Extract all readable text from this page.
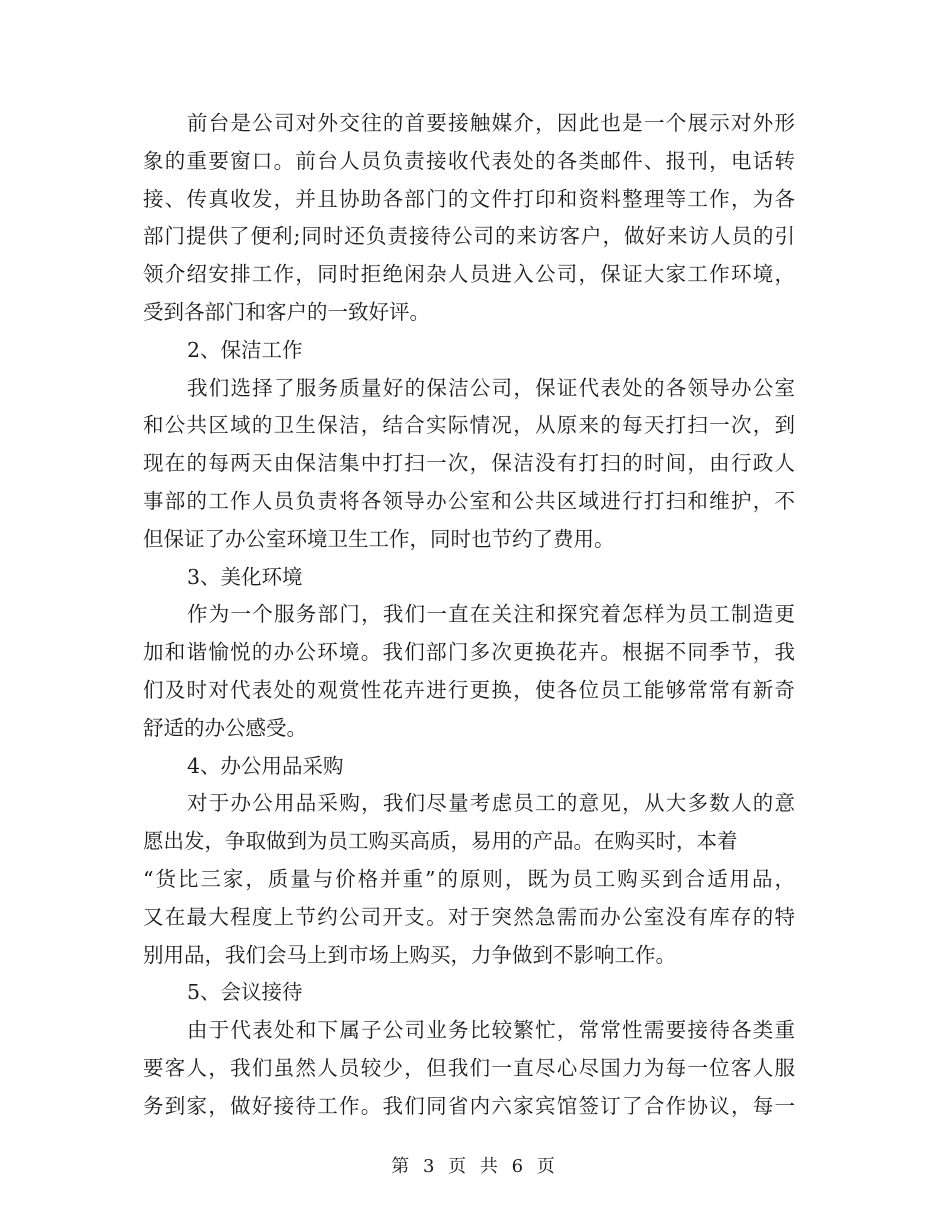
前台是公司对外交往的首要接触媒介，因此也是一个展示对外形
象的重要窗口。前台人员负责接收代表处的各类邮件、报刊，电话转
接、传真收发，并且协助各部门的文件打印和资料整理等工作，为各
部门提供了便利;同时还负责接待公司的来访客户，做好来访人员的引
领介绍安排工作，同时拒绝闲杂人员进入公司，保证大家工作环境，
受到各部门和客户的一致好评。
2、保洁工作
我们选择了服务质量好的保洁公司，保证代表处的各领导办公室
和公共区域的卫生保洁，结合实际情况，从原来的每天打扫一次，到
现在的每两天由保洁集中打扫一次，保洁没有打扫的时间，由行政人
事部的工作人员负责将各领导办公室和公共区域进行打扫和维护，不
但保证了办公室环境卫生工作，同时也节约了费用。
3、美化环境
作为一个服务部门，我们一直在关注和探究着怎样为员工制造更
加和谐愉悦的办公环境。我们部门多次更换花卉。根据不同季节，我
们及时对代表处的观赏性花卉进行更换，使各位员工能够常常有新奇
舒适的办公感受。
4、办公用品采购
对于办公用品采购，我们尽量考虑员工的意见，从大多数人的意
愿出发，争取做到为员工购买高质，易用的产品。在购买时，本着
“货比三家，质量与价格并重”的原则，既为员工购买到合适用品，
又在最大程度上节约公司开支。对于突然急需而办公室没有库存的特
别用品，我们会马上到市场上购买，力争做到不影响工作。
5、会议接待
由于代表处和下属子公司业务比较繁忙，常常性需要接待各类重
要客人，我们虽然人员较少，但我们一直尽心尽国力为每一位客人服
务到家，做好接待工作。我们同省内六家宾馆签订了合作协议，每一
第 3 页 共 6 页
